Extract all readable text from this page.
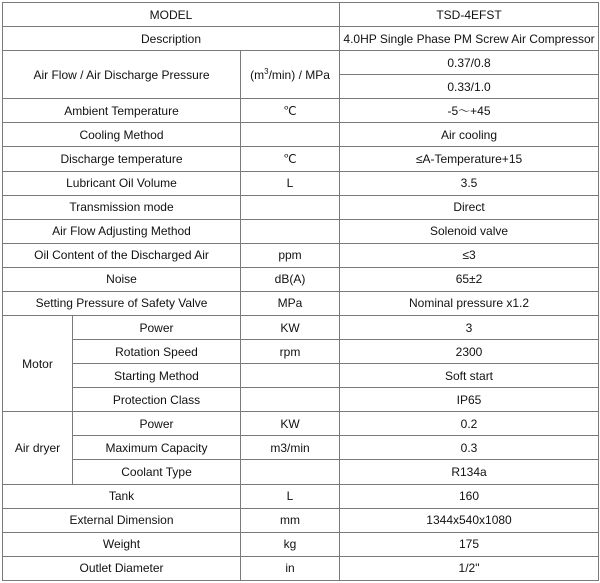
MODEL			TSD-4EFST
Description			4.0HP Single Phase PM Screw Air Compressor
Air Flow / Air Discharge Pressure		$(m^3/\min)$ / MPa	0.37/0.8
			0.33/1.0
Ambient Temperature		℃	-5～+45
Cooling Method			Air cooling
Discharge temperature		℃	≤A-Temperature+15
Lubricant Oil Volume		L	3.5
Transmission mode			Direct
Air Flow Adjusting Method			Solenoid valve
Oil Content of the Discharged Air		ppm	≤3
Noise		dB(A)	65±2
Setting Pressure of Safety Valve		MPa	Nominal pressure x1.2
Motor	Power	KW	3
	Rotation Speed	rpm	2300
	Starting Method		Soft start
	Protection Class		IP65
Air dryer	Power	KW	0.2
	Maximum Capacity	m3/min	0.3
	Coolant Type		R134a
Tank		L	160
External Dimension		mm	1344x540x1080
Weight		kg	175
Outlet Diameter		in	1/2"
